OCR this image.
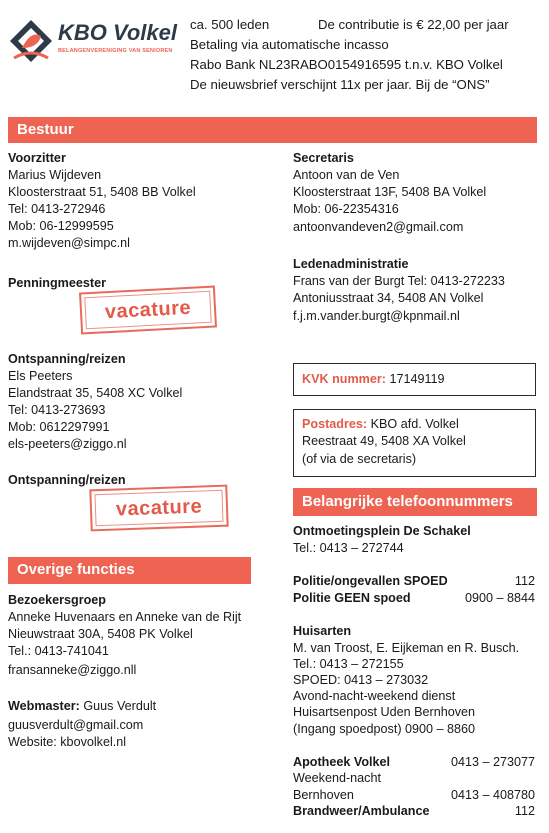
KBO Volkel
BELANGENVERENIGING VAN SENIOREN
ca. 500 leden	De contributie is € 22,00 per jaar
Betaling via automatische incasso
Rabo Bank NL23RABO0154916595 t.n.v. KBO Volkel
De nieuwsbrief verschijnt 11x per jaar. Bij de “ONS”
Bestuur
Voorzitter
Marius Wijdeven
Kloosterstraat 51, 5408 BB Volkel
Tel: 0413-272946
Mob: 06-12999595
m.wijdeven@simpc.nl
Penningmeester
vacature
Ontspanning/reizen
Els Peeters
Elandstraat 35, 5408 XC Volkel
Tel: 0413-273693
Mob: 0612297991
els-peeters@ziggo.nl
Ontspanning/reizen
vacature
Overige functies
Bezoekersgroep
Anneke Huvenaars en Anneke van de Rijt
Nieuwstraat 30A, 5408 PK Volkel
Tel.: 0413-741041
fransanneke@ziggo.nll
Webmaster: Guus Verdult
guusverdult@gmail.com
Website: kbovolkel.nl
Secretaris
Antoon van de Ven
Kloosterstraat 13F, 5408 BA Volkel
Mob: 06-22354316
antoonvandeven2@gmail.com
Ledenadministratie
Frans van der Burgt Tel: 0413-272233
Antoniusstraat 34, 5408 AN Volkel
f.j.m.vander.burgt@kpnmail.nl
KVK nummer: 17149119
Postadres: KBO afd. Volkel
Reestraat 49, 5408 XA Volkel
(of via de secretaris)
Belangrijke telefoonnummers
Ontmoetingsplein De Schakel
Tel.: 0413 – 272744
Politie/ongevallen SPOED	112
Politie GEEN spoed	0900 – 8844
Huisarten
M. van Troost, E. Eijkeman en R. Busch.
Tel.: 0413 – 272155
SPOED: 0413 – 273032
Avond-nacht-weekend dienst
Huisartsenpost Uden Bernhoven
(Ingang spoedpost) 0900 – 8860
Apotheek Volkel	0413 – 273077
Weekend-nacht
Bernhoven	0413 – 408780
Brandweer/Ambulance	112
